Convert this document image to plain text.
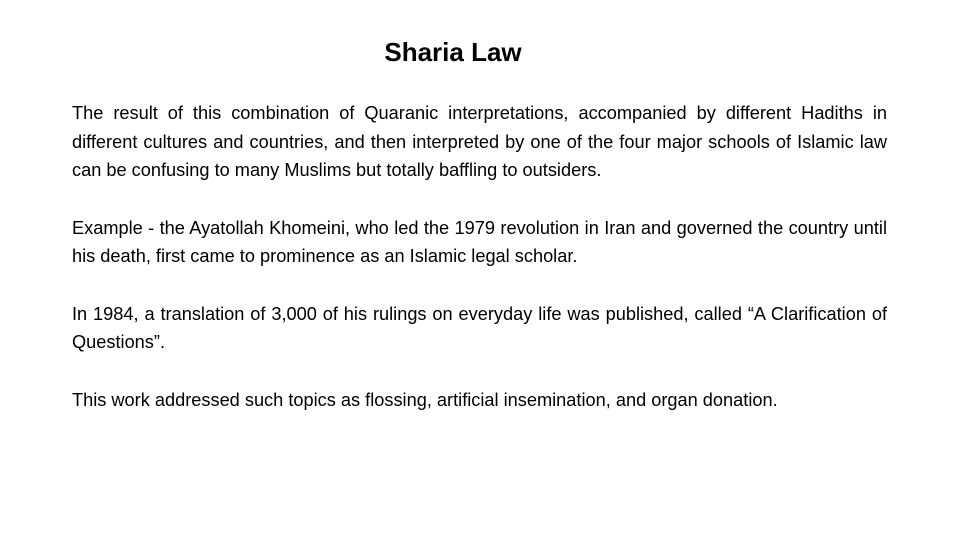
Sharia Law

The result of this combination of Quaranic interpretations, accompanied by different Hadiths in different cultures and countries, and then interpreted by one of the four major schools of Islamic law can be confusing to many Muslims but totally baffling to outsiders.

Example - the Ayatollah Khomeini, who led the 1979 revolution in Iran and governed the country until his death, first came to prominence as an Islamic legal scholar.

In 1984, a translation of 3,000 of his rulings on everyday life was published, called “A Clarification of Questions”.

This work addressed such topics as flossing, artificial insemination, and organ donation.
